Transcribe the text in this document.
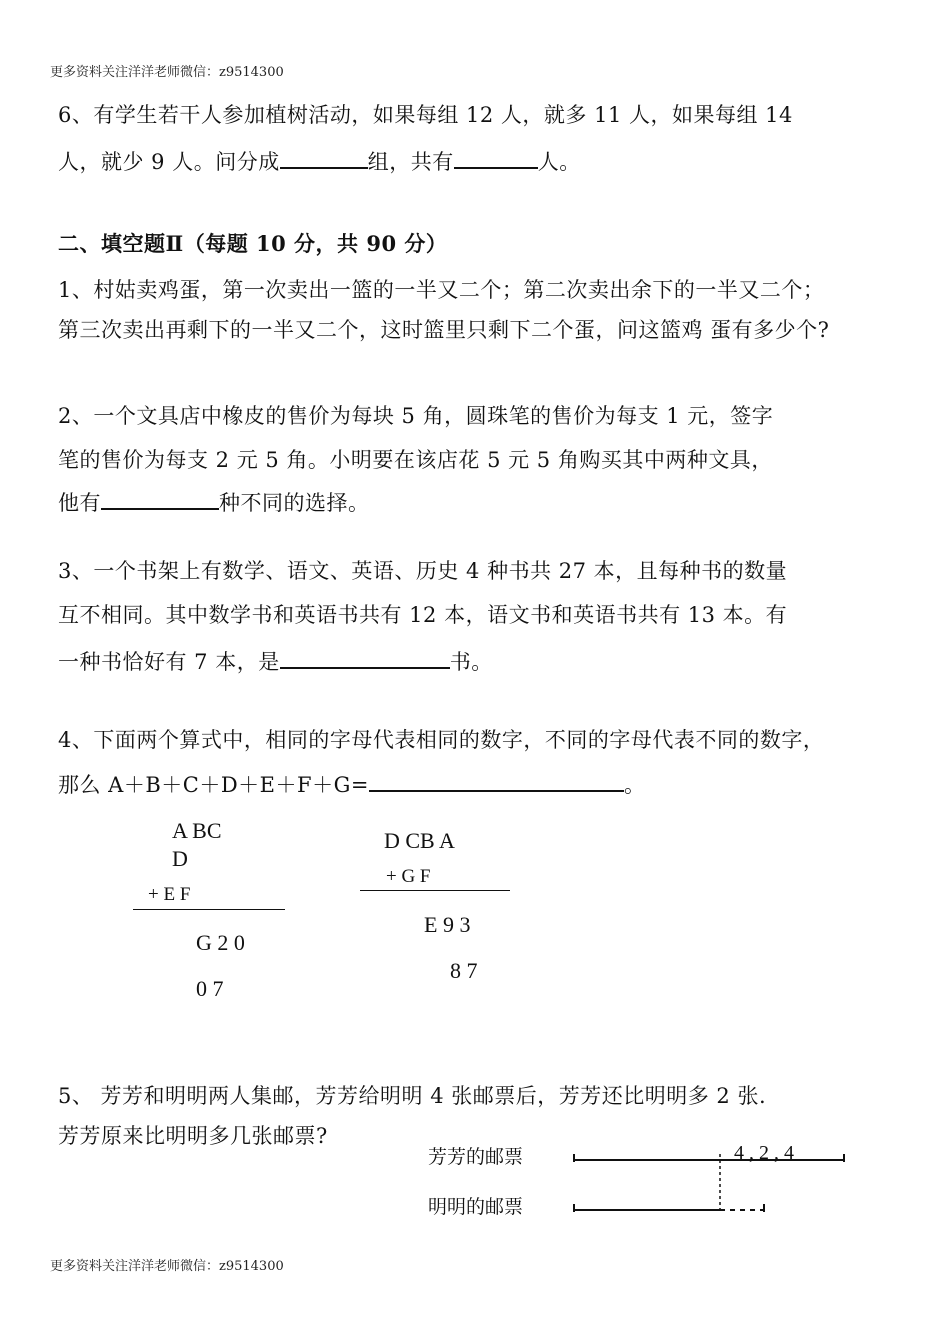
更多资料关注洋洋老师微信：z9514300
6、有学生若干人参加植树活动，如果每组 12 人，就多 11 人，如果每组 14
人，就少 9 人。问分成	组，共有	人。
二、填空题Ⅱ（每题 10 分，共 90 分）
1、村姑卖鸡蛋，第一次卖出一篮的一半又二个；第二次卖出余下的一半又二个；
第三次卖出再剩下的一半又二个，这时篮里只剩下二个蛋，问这篮鸡 蛋有多少个?
2、一个文具店中橡皮的售价为每块 5 角，圆珠笔的售价为每支 1 元，签字
笔的售价为每支 2 元 5 角。小明要在该店花 5 元 5 角购买其中两种文具，
他有	种不同的选择。
3、一个书架上有数学、语文、英语、历史 4 种书共 27 本，且每种书的数量
互不相同。其中数学书和英语书共有 12 本，语文书和英语书共有 13 本。有
一种书恰好有 7 本，是	书。
4、下面两个算式中，相同的字母代表相同的数字，不同的字母代表不同的数字，
那么 A＋B＋C＋D＋E＋F＋G=	。
A BC
D
+ E F
G 2 0
0 7
D CB A
+ G F
E 9 3
8 7
5、 芳芳和明明两人集邮，芳芳给明明 4 张邮票后，芳芳还比明明多 2 张.
芳芳原来比明明多几张邮票?
芳芳的邮票
明明的邮票
4 , 2 , 4
更多资料关注洋洋老师微信：z9514300
